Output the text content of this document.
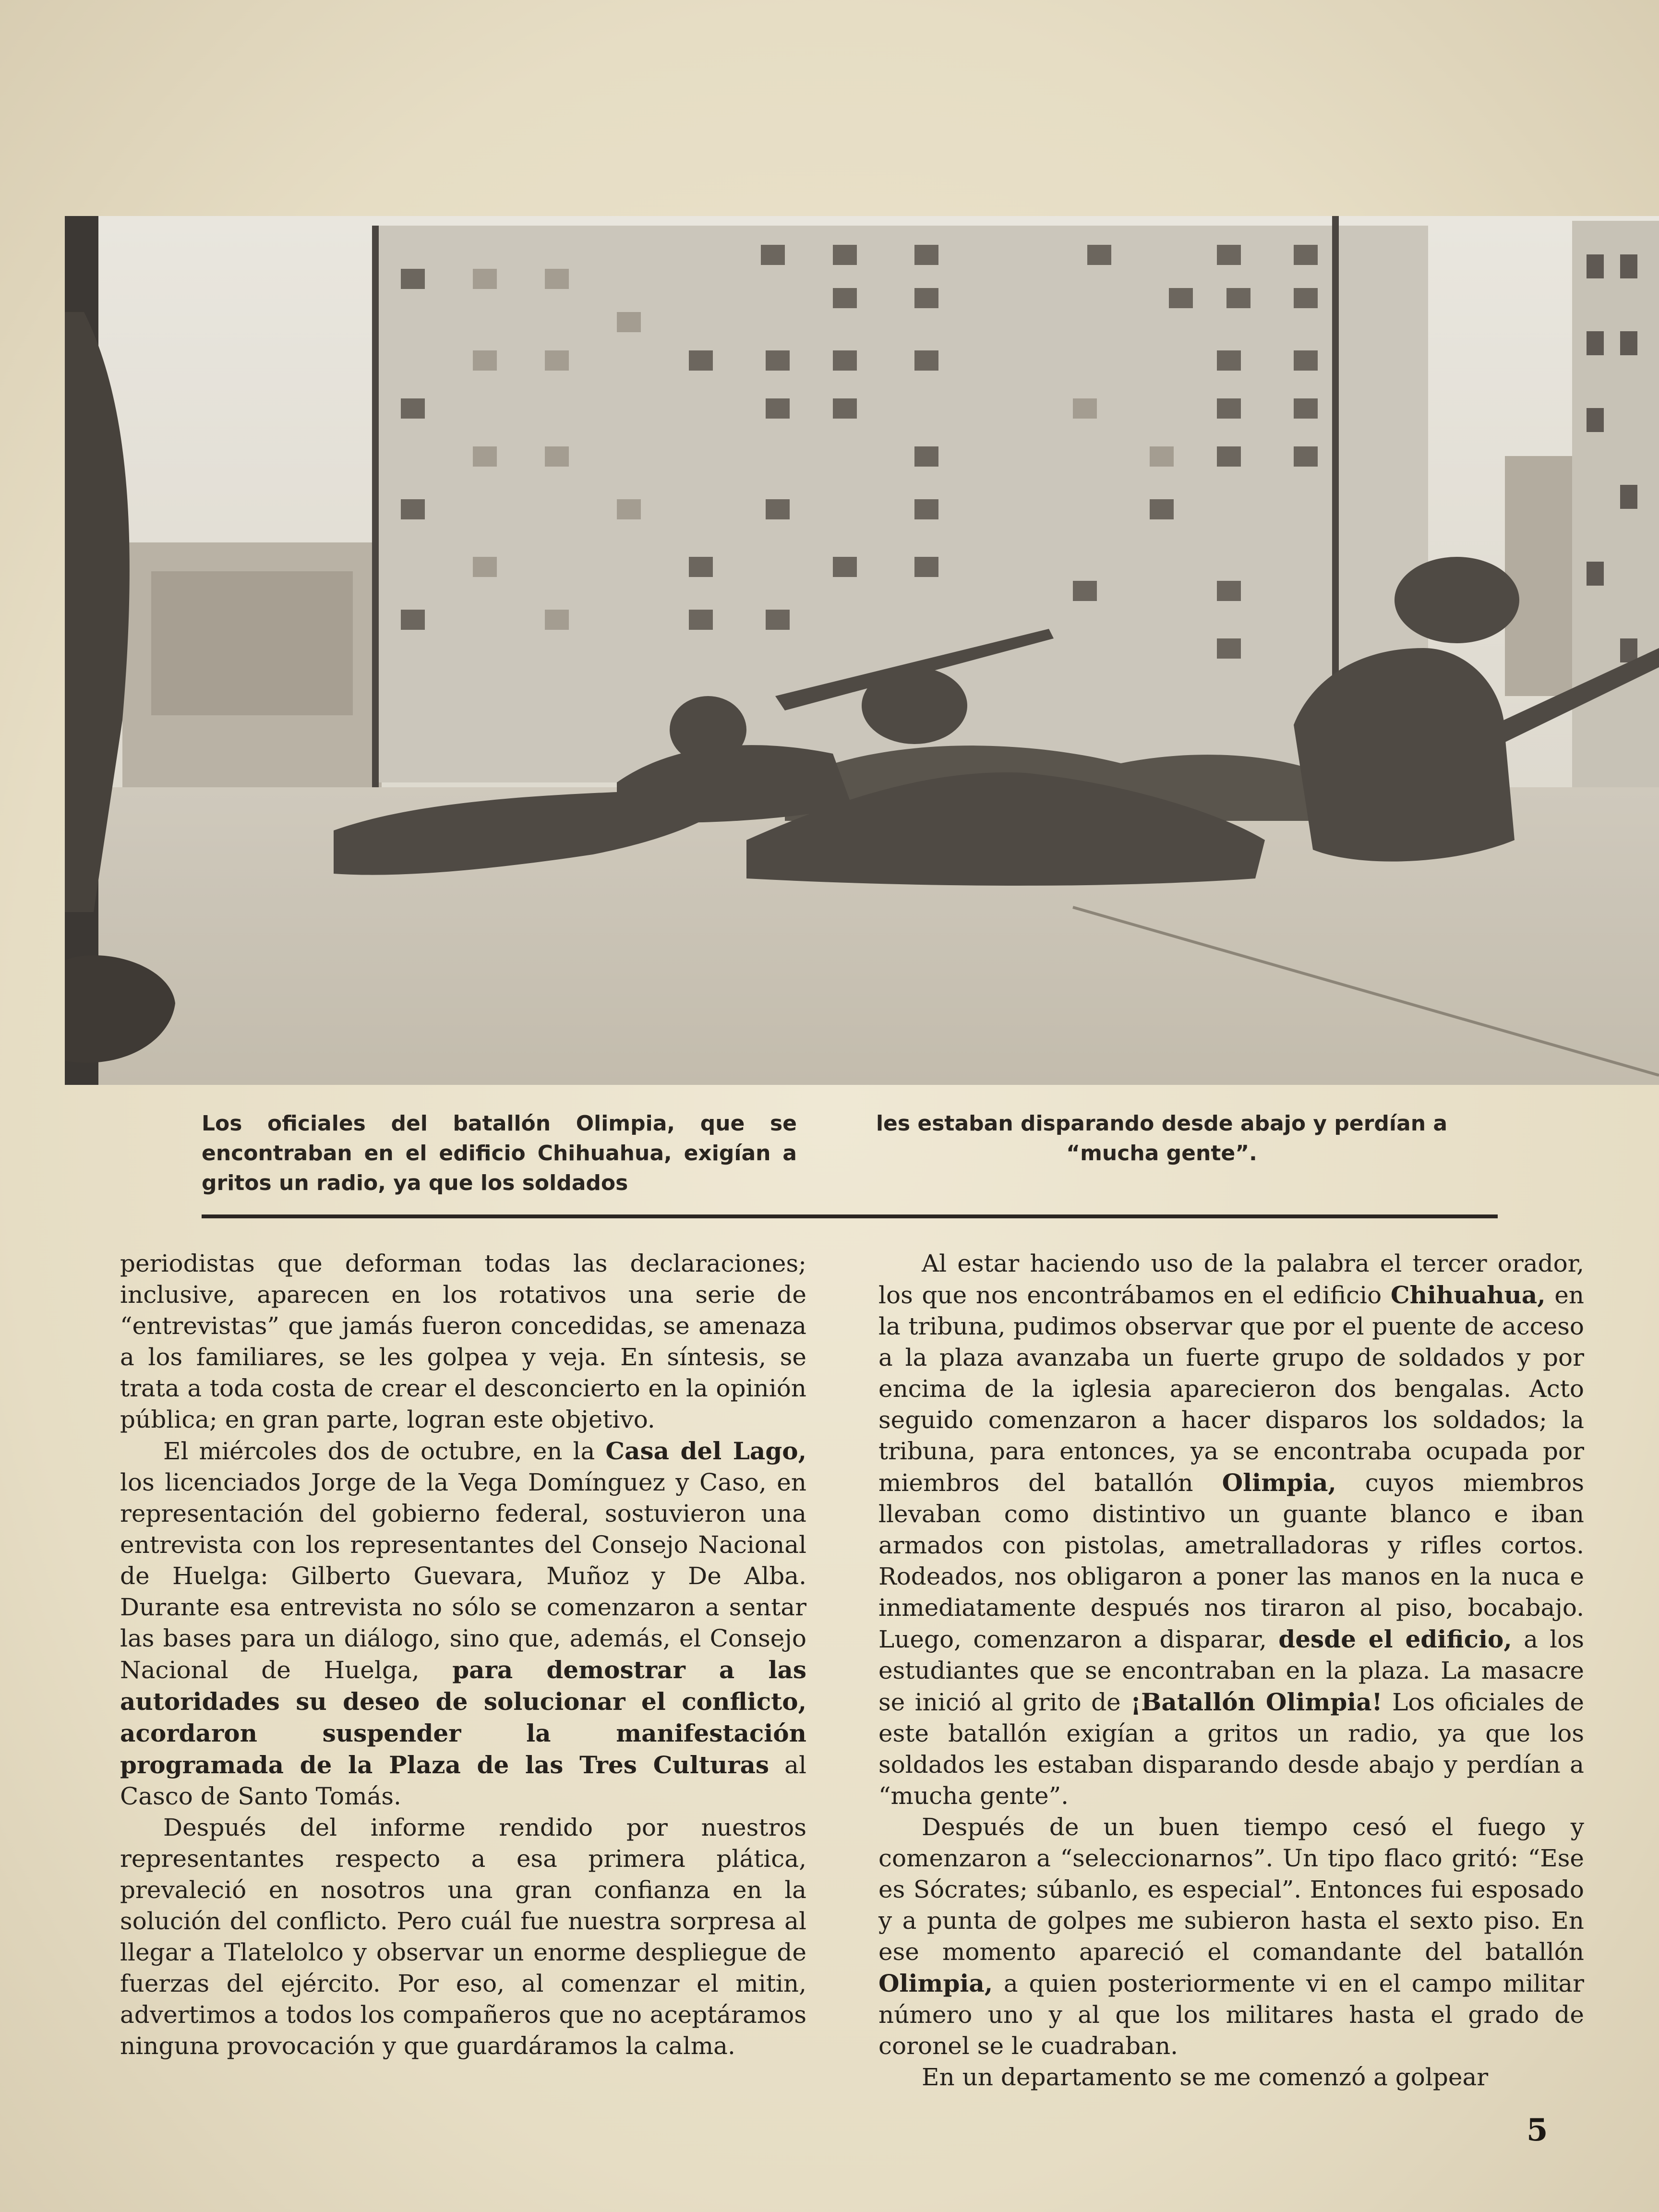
Los oficiales del batallón Olimpia, que se encontraban en el edificio Chihuahua, exigían a gritos un radio, ya que los soldados
les estaban disparando desde abajo y perdían a “mucha gente”.

periodistas que deforman todas las declaraciones; inclusive, aparecen en los rotativos una serie de “entrevistas” que jamás fueron concedidas, se amenaza a los familiares, se les golpea y veja. En síntesis, se trata a toda costa de crear el desconcierto en la opinión pública; en gran parte, logran este objetivo.

El miércoles dos de octubre, en la Casa del Lago, los licenciados Jorge de la Vega Domínguez y Caso, en representación del gobierno federal, sostuvieron una entrevista con los representantes del Consejo Nacional de Huelga: Gilberto Guevara, Muñoz y De Alba. Durante esa entrevista no sólo se comenzaron a sentar las bases para un diálogo, sino que, además, el Consejo Nacional de Huelga, para demostrar a las autoridades su deseo de solucionar el conflicto, acordaron suspender la manifestación programada de la Plaza de las Tres Culturas al Casco de Santo Tomás.

Después del informe rendido por nuestros representantes respecto a esa primera plática, prevaleció en nosotros una gran confianza en la solución del conflicto. Pero cuál fue nuestra sorpresa al llegar a Tlatelolco y observar un enorme despliegue de fuerzas del ejército. Por eso, al comenzar el mitin, advertimos a todos los compañeros que no aceptáramos ninguna provocación y que guardáramos la calma.

Al estar haciendo uso de la palabra el tercer orador, los que nos encontrábamos en el edificio Chihuahua, en la tribuna, pudimos observar que por el puente de acceso a la plaza avanzaba un fuerte grupo de soldados y por encima de la iglesia aparecieron dos bengalas. Acto seguido comenzaron a hacer disparos los soldados; la tribuna, para entonces, ya se encontraba ocupada por miembros del batallón Olimpia, cuyos miembros llevaban como distintivo un guante blanco e iban armados con pistolas, ametralladoras y rifles cortos. Rodeados, nos obligaron a poner las manos en la nuca e inmediatamente después nos tiraron al piso, bocabajo. Luego, comenzaron a disparar, desde el edificio, a los estudiantes que se encontraban en la plaza. La masacre se inició al grito de ¡Batallón Olimpia! Los oficiales de este batallón exigían a gritos un radio, ya que los soldados les estaban disparando desde abajo y perdían a “mucha gente”.

Después de un buen tiempo cesó el fuego y comenzaron a “seleccionarnos”. Un tipo flaco gritó: “Ese es Sócrates; súbanlo, es especial”. Entonces fui esposado y a punta de golpes me subieron hasta el sexto piso. En ese momento apareció el comandante del batallón Olimpia, a quien posteriormente vi en el campo militar número uno y al que los militares hasta el grado de coronel se le cuadraban.

En un departamento se me comenzó a golpear

5
